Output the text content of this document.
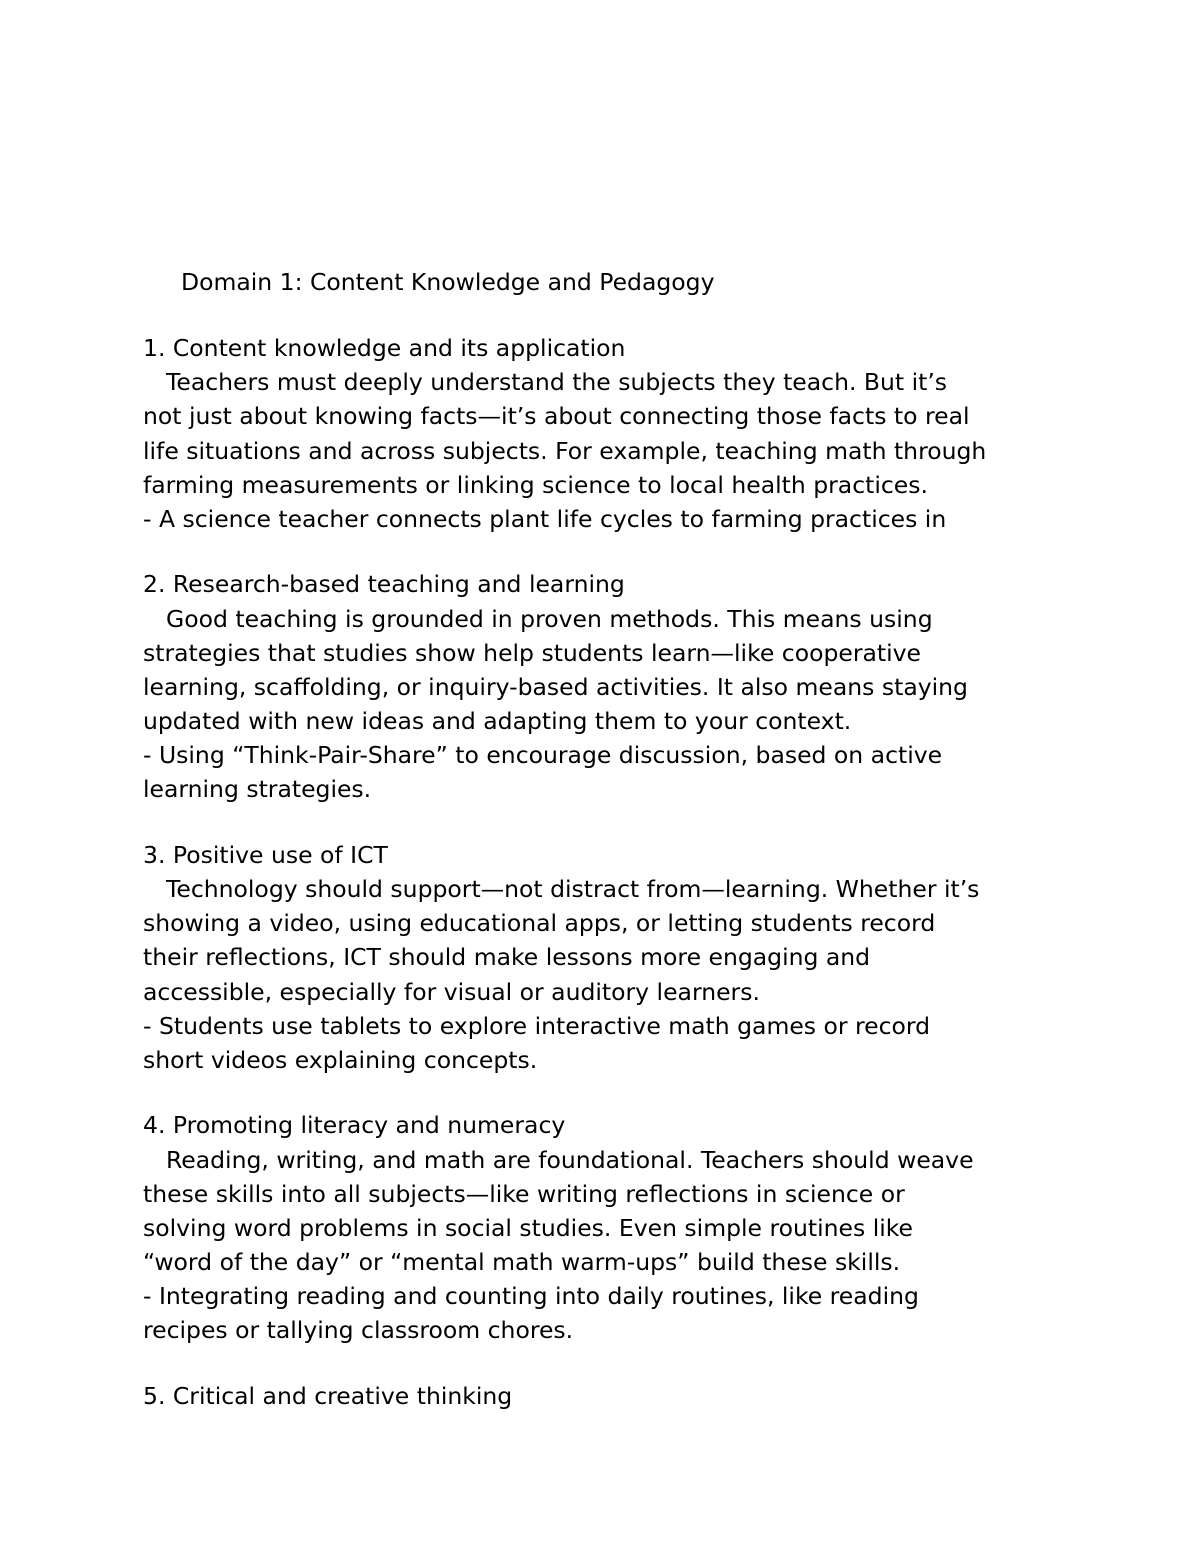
Domain 1: Content Knowledge and Pedagogy

1. Content knowledge and its application

Teachers must deeply understand the subjects they teach. But it’s

not just about knowing facts—it’s about connecting those facts to real

life situations and across subjects. For example, teaching math through

farming measurements or linking science to local health practices.

- A science teacher connects plant life cycles to farming practices in

2. Research-based teaching and learning

Good teaching is grounded in proven methods. This means using

strategies that studies show help students learn—like cooperative

learning, scaffolding, or inquiry-based activities. It also means staying

updated with new ideas and adapting them to your context.

- Using “Think-Pair-Share” to encourage discussion, based on active

learning strategies.

3. Positive use of ICT

Technology should support—not distract from—learning. Whether it’s

showing a video, using educational apps, or letting students record

their reflections, ICT should make lessons more engaging and

accessible, especially for visual or auditory learners.

- Students use tablets to explore interactive math games or record

short videos explaining concepts.

4. Promoting literacy and numeracy

Reading, writing, and math are foundational. Teachers should weave

these skills into all subjects—like writing reflections in science or

solving word problems in social studies. Even simple routines like

“word of the day” or “mental math warm-ups” build these skills.

- Integrating reading and counting into daily routines, like reading

recipes or tallying classroom chores.

5. Critical and creative thinking
